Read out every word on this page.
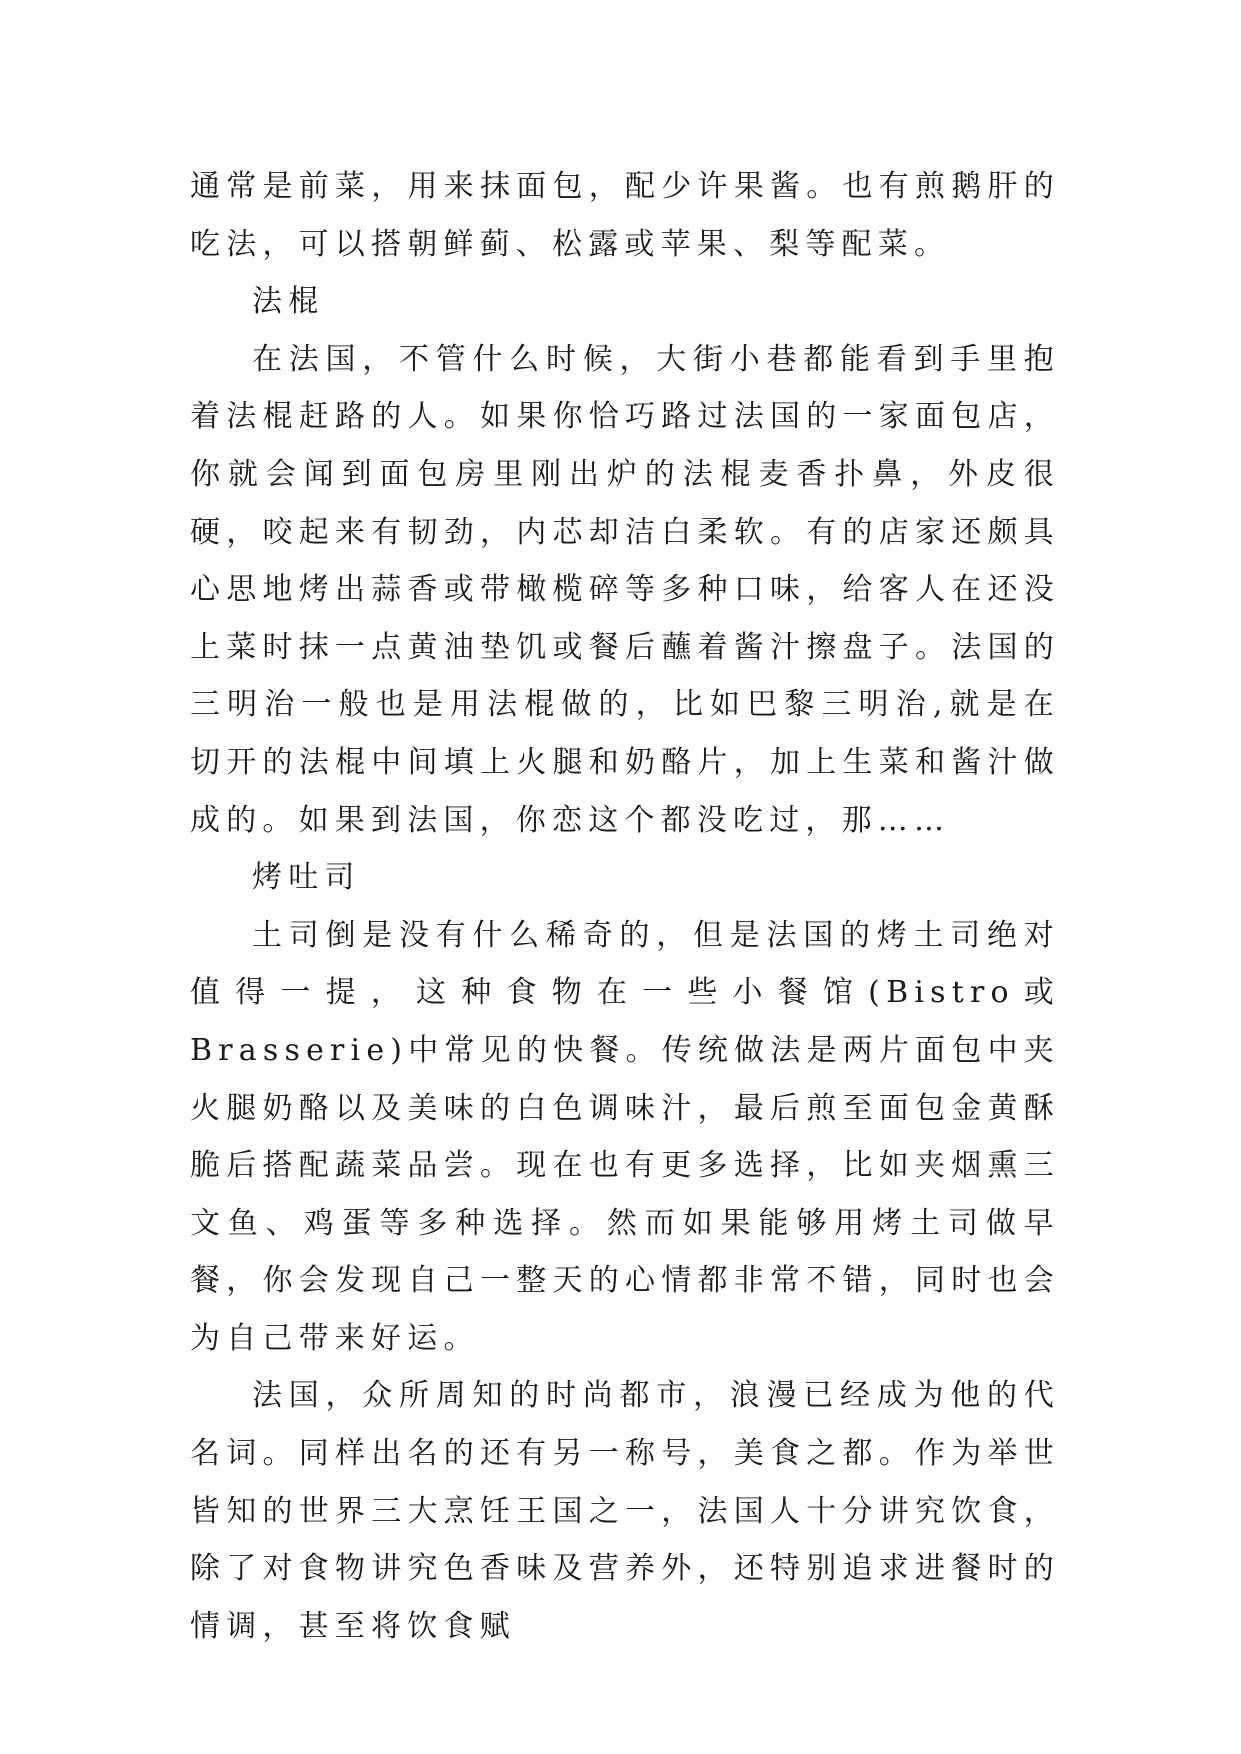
通常是前菜，用来抹面包，配少许果酱。也有煎鹅肝的吃法，可以搭朝鲜蓟、松露或苹果、梨等配菜。

法棍

在法国，不管什么时候，大街小巷都能看到手里抱着法棍赶路的人。如果你恰巧路过法国的一家面包店，你就会闻到面包房里刚出炉的法棍麦香扑鼻，外皮很硬，咬起来有韧劲，内芯却洁白柔软。有的店家还颇具心思地烤出蒜香或带橄榄碎等多种口味，给客人在还没上菜时抹一点黄油垫饥或餐后蘸着酱汁擦盘子。法国的三明治一般也是用法棍做的，比如巴黎三明治,就是在切开的法棍中间填上火腿和奶酪片，加上生菜和酱汁做成的。如果到法国，你恋这个都没吃过，那……

烤吐司

土司倒是没有什么稀奇的，但是法国的烤土司绝对值得一提，这种食物在一些小餐馆(Bistro或Brasserie)中常见的快餐。传统做法是两片面包中夹火腿奶酪以及美味的白色调味汁，最后煎至面包金黄酥脆后搭配蔬菜品尝。现在也有更多选择，比如夹烟熏三文鱼、鸡蛋等多种选择。然而如果能够用烤土司做早餐，你会发现自己一整天的心情都非常不错，同时也会为自己带来好运。

法国，众所周知的时尚都市，浪漫已经成为他的代名词。同样出名的还有另一称号，美食之都。作为举世皆知的世界三大烹饪王国之一，法国人十分讲究饮食，除了对食物讲究色香味及营养外，还特别追求进餐时的情调，甚至将饮食赋
